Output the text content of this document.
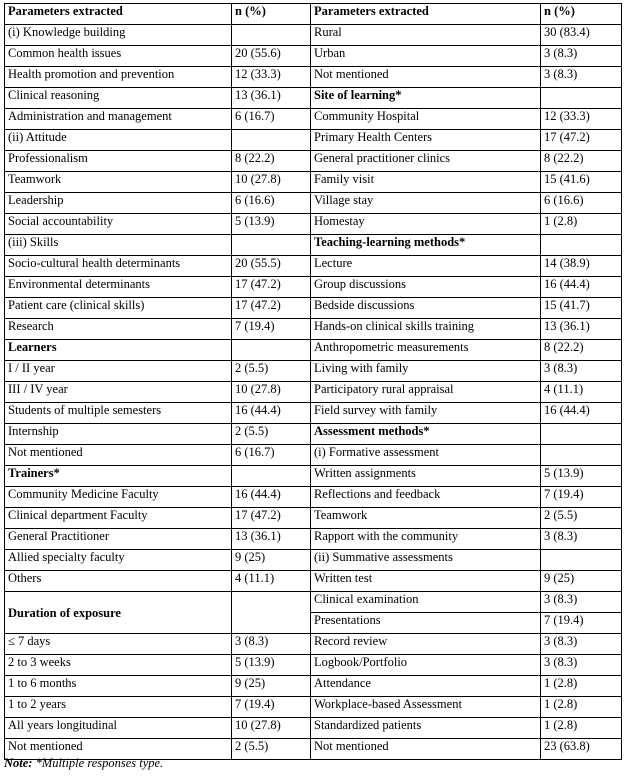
Parameters extracted	n (%)	Parameters extracted	n (%)
(i) Knowledge building		Rural	30 (83.4)
Common health issues	20 (55.6)	Urban	3 (8.3)
Health promotion and prevention	12 (33.3)	Not mentioned	3 (8.3)
Clinical reasoning	13 (36.1)	Site of learning*	
Administration and management	6 (16.7)	Community Hospital	12 (33.3)
(ii) Attitude		Primary Health Centers	17 (47.2)
Professionalism	8 (22.2)	General practitioner clinics	8 (22.2)
Teamwork	10 (27.8)	Family visit	15 (41.6)
Leadership	6 (16.6)	Village stay	6 (16.6)
Social accountability	5 (13.9)	Homestay	1 (2.8)
(iii) Skills		Teaching-learning methods*	
Socio-cultural health determinants	20 (55.5)	Lecture	14 (38.9)
Environmental determinants	17 (47.2)	Group discussions	16 (44.4)
Patient care (clinical skills)	17 (47.2)	Bedside discussions	15 (41.7)
Research	7 (19.4)	Hands-on clinical skills training	13 (36.1)
Learners		Anthropometric measurements	8 (22.2)
I / II year	2 (5.5)	Living with family	3 (8.3)
III / IV year	10 (27.8)	Participatory rural appraisal	4 (11.1)
Students of multiple semesters	16 (44.4)	Field survey with family	16 (44.4)
Internship	2 (5.5)	Assessment methods*	
Not mentioned	6 (16.7)	(i) Formative assessment	
Trainers*		Written assignments	5 (13.9)
Community Medicine Faculty	16 (44.4)	Reflections and feedback	7 (19.4)
Clinical department Faculty	17 (47.2)	Teamwork	2 (5.5)
General Practitioner	13 (36.1)	Rapport with the community	3 (8.3)
Allied specialty faculty	9 (25)	(ii) Summative assessments	
Others	4 (11.1)	Written test	9 (25)
Duration of exposure		Clinical examination	3 (8.3)
		Presentations	7 (19.4)
≤ 7 days	3 (8.3)	Record review	3 (8.3)
2 to 3 weeks	5 (13.9)	Logbook/Portfolio	3 (8.3)
1 to 6 months	9 (25)	Attendance	1 (2.8)
1 to 2 years	7 (19.4)	Workplace-based Assessment	1 (2.8)
All years longitudinal	10 (27.8)	Standardized patients	1 (2.8)
Not mentioned	2 (5.5)	Not mentioned	23 (63.8)
Note: *Multiple responses type.
